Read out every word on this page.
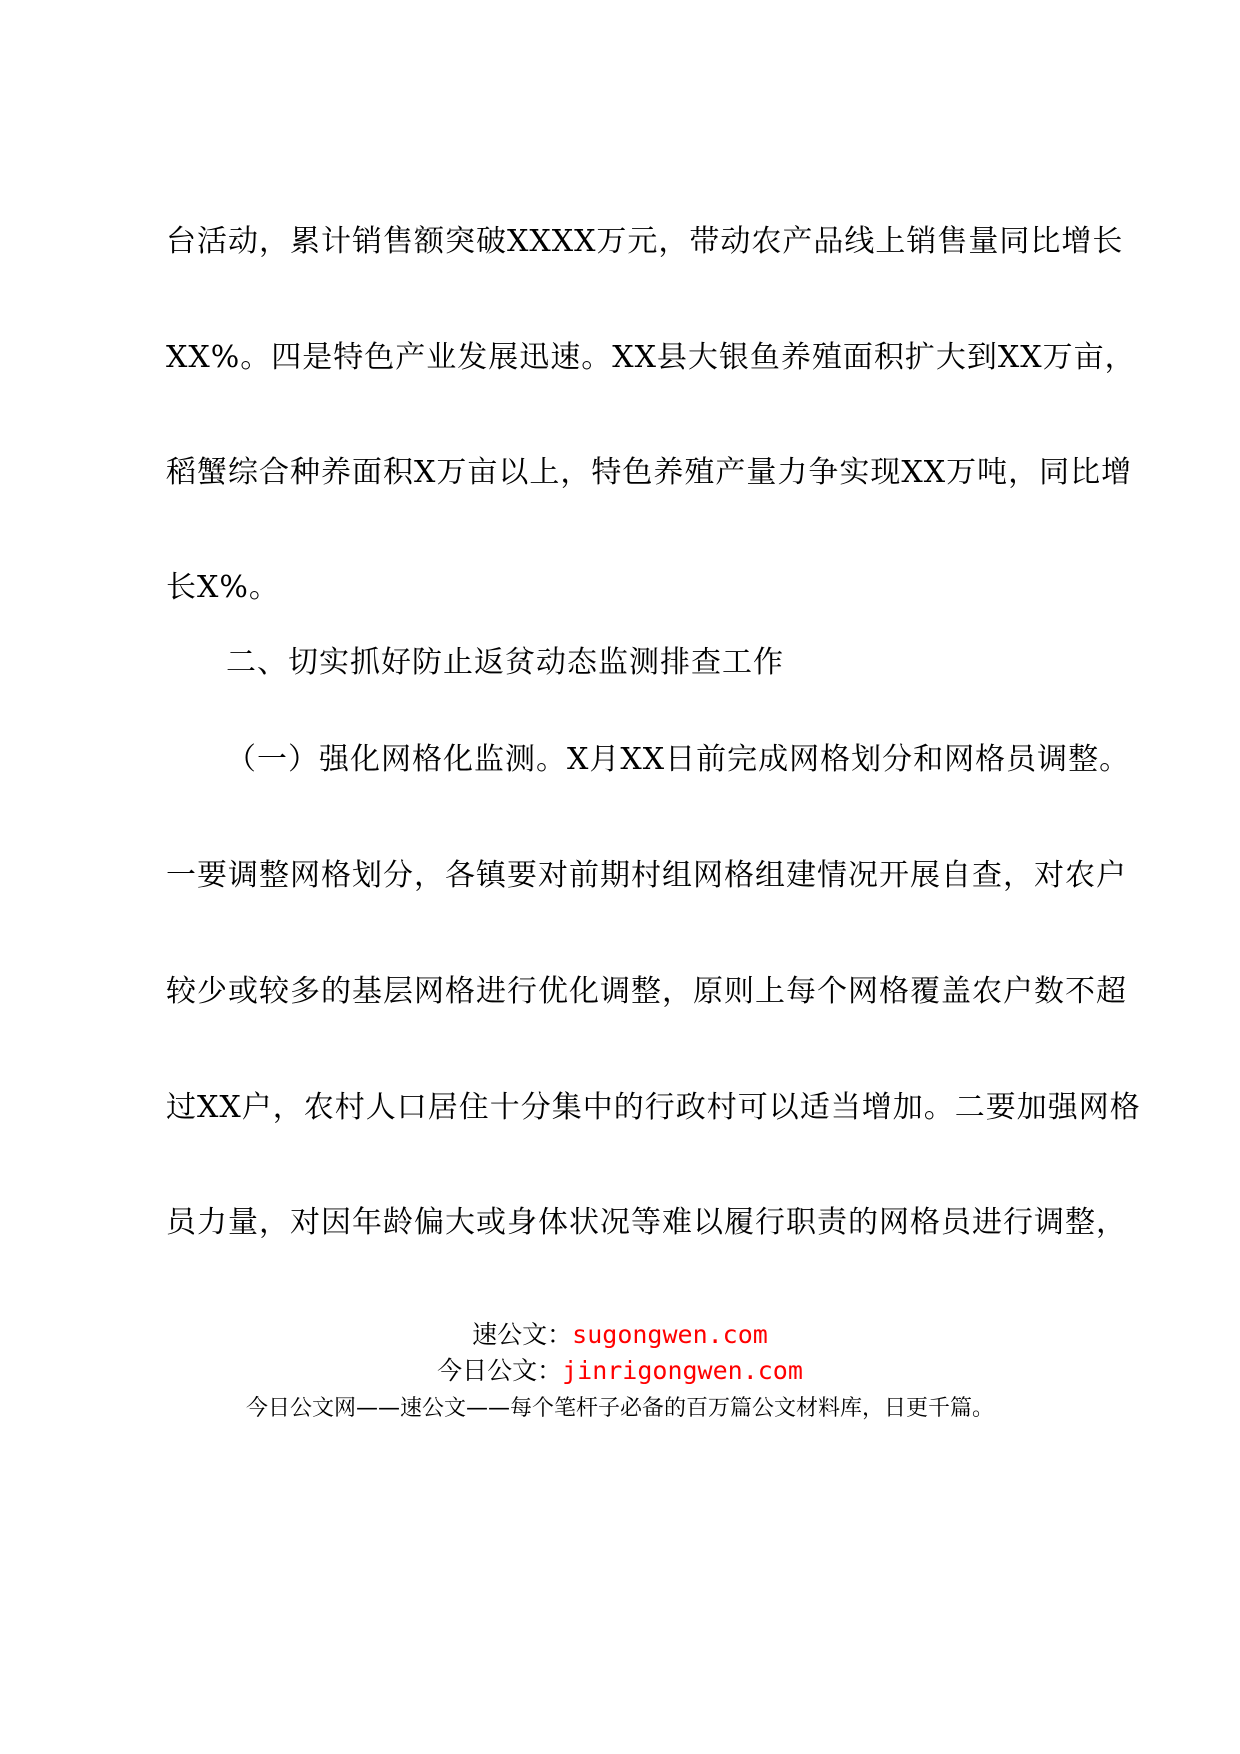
台活动，累计销售额突破XXXX万元，带动农产品线上销售量同比增长
XX%。四是特色产业发展迅速。XX县大银鱼养殖面积扩大到XX万亩，
稻蟹综合种养面积X万亩以上，特色养殖产量力争实现XX万吨，同比增
长X%。
二、切实抓好防止返贫动态监测排查工作
（一）强化网格化监测。X月XX日前完成网格划分和网格员调整。
一要调整网格划分，各镇要对前期村组网格组建情况开展自查，对农户
较少或较多的基层网格进行优化调整，原则上每个网格覆盖农户数不超
过XX户，农村人口居住十分集中的行政村可以适当增加。二要加强网格
员力量，对因年龄偏大或身体状况等难以履行职责的网格员进行调整，
速公文：sugongwen.com
今日公文：jinrigongwen.com
今日公文网——速公文——每个笔杆子必备的百万篇公文材料库，日更千篇。
